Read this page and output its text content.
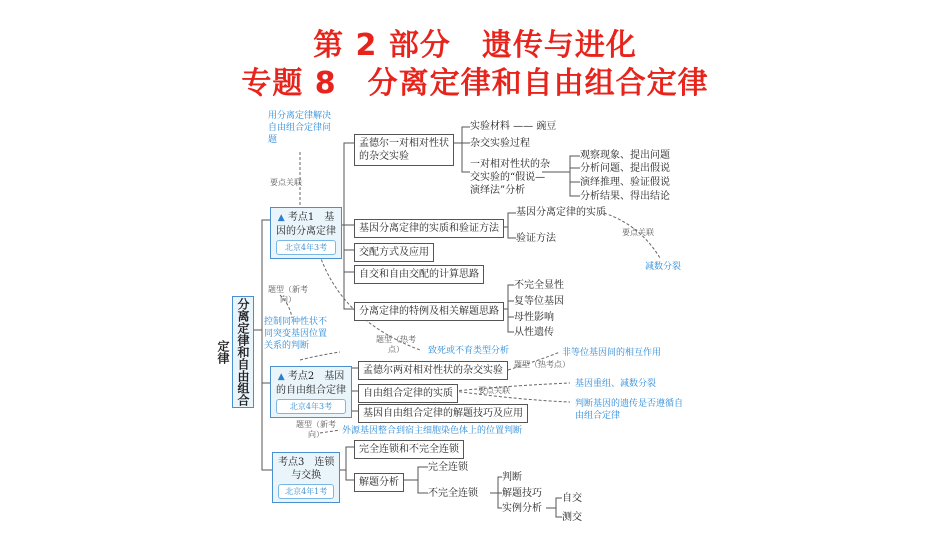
第 2 部分　遗传与进化
专题 8　分离定律和自由组合定律
分离定律和自由组合定律
▲ 考点1　基
因的分离定律
北京4年3考
孟德尔一对相对性状的杂交实验
实验材料 —— 豌豆
杂交实验过程
一对相对性状的杂交实验的“假说—演绎法”分析
观察现象、提出问题
分析问题、提出假说
演绎推理、验证假说
分析结果、得出结论
基因分离定律的实质和验证方法
基因分离定律的实质
验证方法
交配方式及应用
自交和自由交配的计算思路
分离定律的特例及相关解题思路
不完全显性
复等位基因
母性影响
从性遗传
▲ 考点2　基因
的自由组合定律
北京4年3考
孟德尔两对相对性状的杂交实验
自由组合定律的实质
基因自由组合定律的解题技巧及应用
考点3　连锁
与交换
北京4年1考
完全连锁和不完全连锁
解题分析
完全连锁
不完全连锁
判断
解题技巧
实例分析
自交
测交
用分离定律解决自由组合定律问题
减数分裂
控制同种性状不同突变基因位置关系的判断	致死或不育类型分析	非等位基因间的相互作用
基因重组、减数分裂
判断基因的遗传是否遵循自由组合定律
外源基因整合到宿主细胞染色体上的位置判断
要点关联
要点关联
要点关联
题型（新考向）
题型（热考点）
题型（热考点）
题型（新考向）
